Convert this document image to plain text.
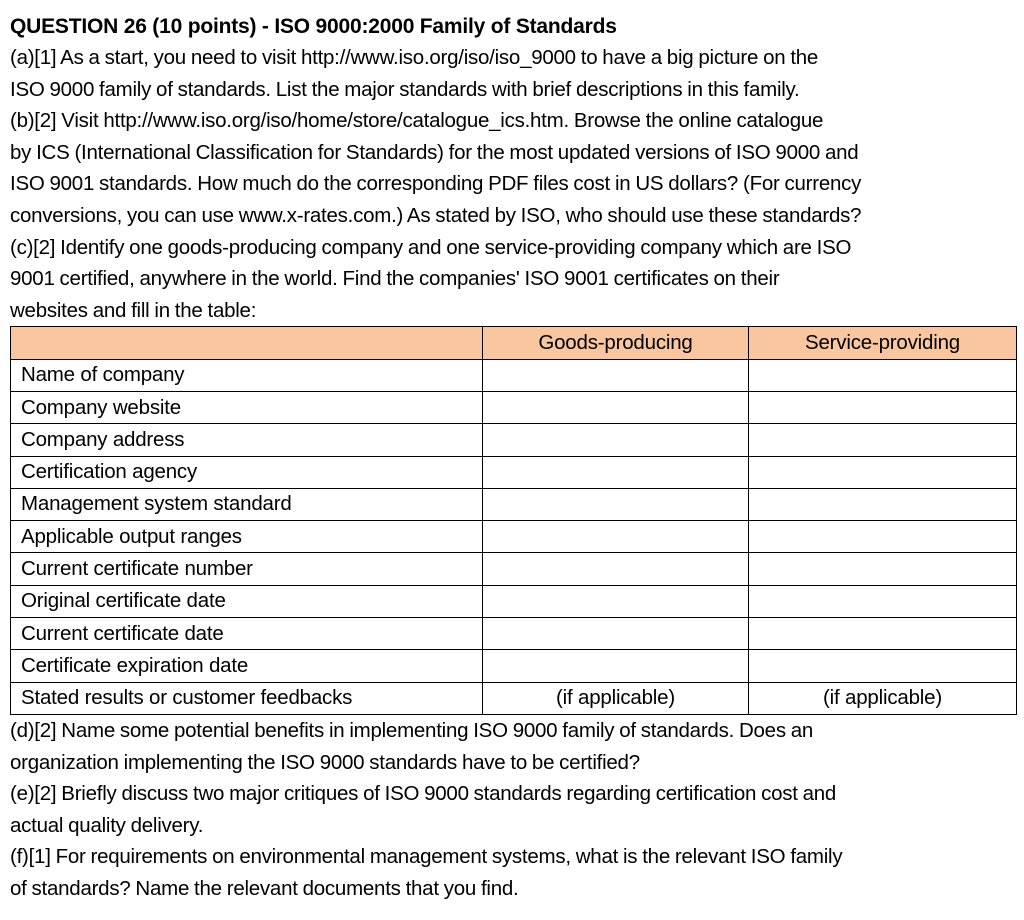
QUESTION 26 (10 points) - ISO 9000:2000 Family of Standards
(a)[1] As a start, you need to visit http://www.iso.org/iso/iso_9000 to have a big picture on the
ISO 9000 family of standards. List the major standards with brief descriptions in this family.
(b)[2] Visit http://www.iso.org/iso/home/store/catalogue_ics.htm. Browse the online catalogue
by ICS (International Classification for Standards) for the most updated versions of ISO 9000 and
ISO 9001 standards. How much do the corresponding PDF files cost in US dollars? (For currency
conversions, you can use www.x-rates.com.) As stated by ISO, who should use these standards?
(c)[2] Identify one goods-producing company and one service-providing company which are ISO
9001 certified, anywhere in the world. Find the companies' ISO 9001 certificates on their
websites and fill in the table:
	Goods-producing	Service-providing
Name of company		
Company website		
Company address		
Certification agency		
Management system standard		
Applicable output ranges		
Current certificate number		
Original certificate date		
Current certificate date		
Certificate expiration date		
Stated results or customer feedbacks	(if applicable)	(if applicable)
(d)[2] Name some potential benefits in implementing ISO 9000 family of standards. Does an
organization implementing the ISO 9000 standards have to be certified?
(e)[2] Briefly discuss two major critiques of ISO 9000 standards regarding certification cost and
actual quality delivery.
(f)[1] For requirements on environmental management systems, what is the relevant ISO family
of standards? Name the relevant documents that you find.
